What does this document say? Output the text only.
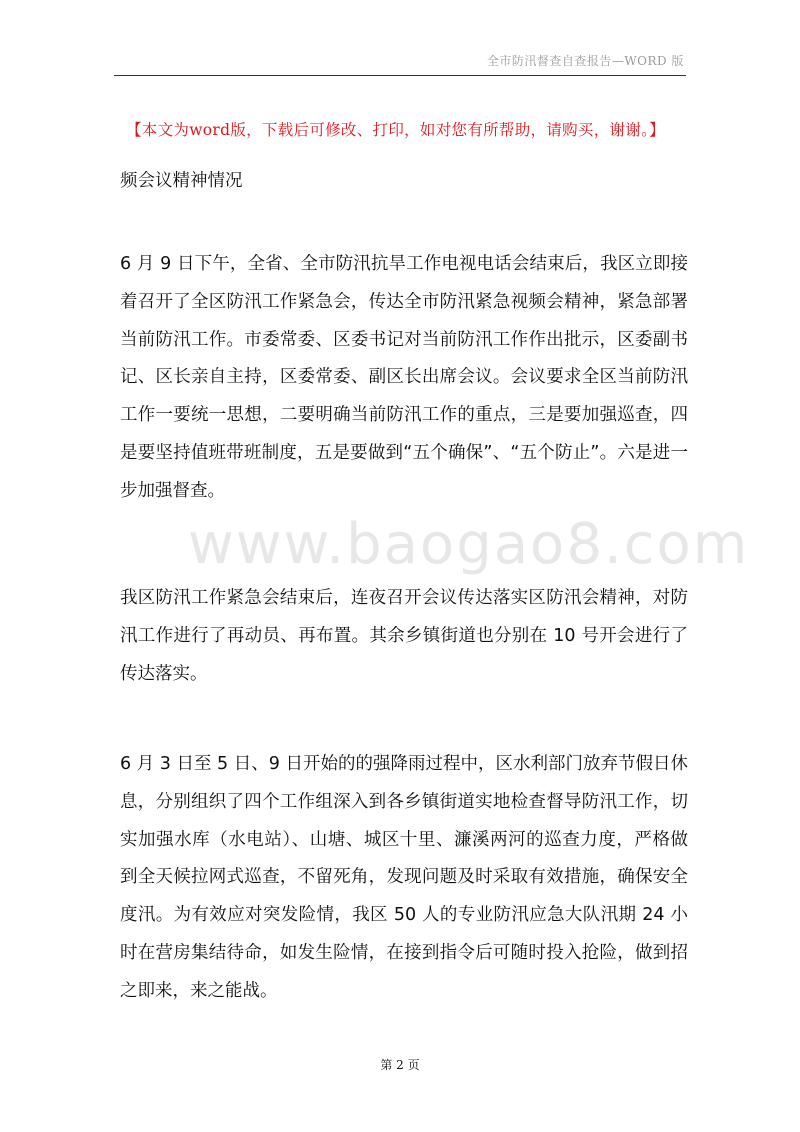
全市防汛督查自查报告—WORD 版
【本文为word版，下载后可修改、打印，如对您有所帮助，请购买，谢谢。】

频会议精神情况

6 月 9 日下午，全省、全市防汛抗旱工作电视电话会结束后，我区立即接着召开了全区防汛工作紧急会，传达全市防汛紧急视频会精神，紧急部署当前防汛工作。市委常委、区委书记对当前防汛工作作出批示，区委副书记、区长亲自主持，区委常委、副区长出席会议。会议要求全区当前防汛工作一要统一思想，二要明确当前防汛工作的重点，三是要加强巡查，四是要坚持值班带班制度，五是要做到“五个确保”、“五个防止”。六是进一步加强督查。

www.baogao8.com

我区防汛工作紧急会结束后，连夜召开会议传达落实区防汛会精神，对防汛工作进行了再动员、再布置。其余乡镇街道也分别在 10 号开会进行了传达落实。

6 月 3 日至 5 日、9 日开始的的强降雨过程中，区水利部门放弃节假日休息，分别组织了四个工作组深入到各乡镇街道实地检查督导防汛工作，切实加强水库（水电站）、山塘、城区十里、濂溪两河的巡查力度，严格做到全天候拉网式巡查，不留死角，发现问题及时采取有效措施，确保安全度汛。为有效应对突发险情，我区 50 人的专业防汛应急大队汛期 24 小时在营房集结待命，如发生险情，在接到指令后可随时投入抢险，做到招之即来，来之能战。

第 2 页
